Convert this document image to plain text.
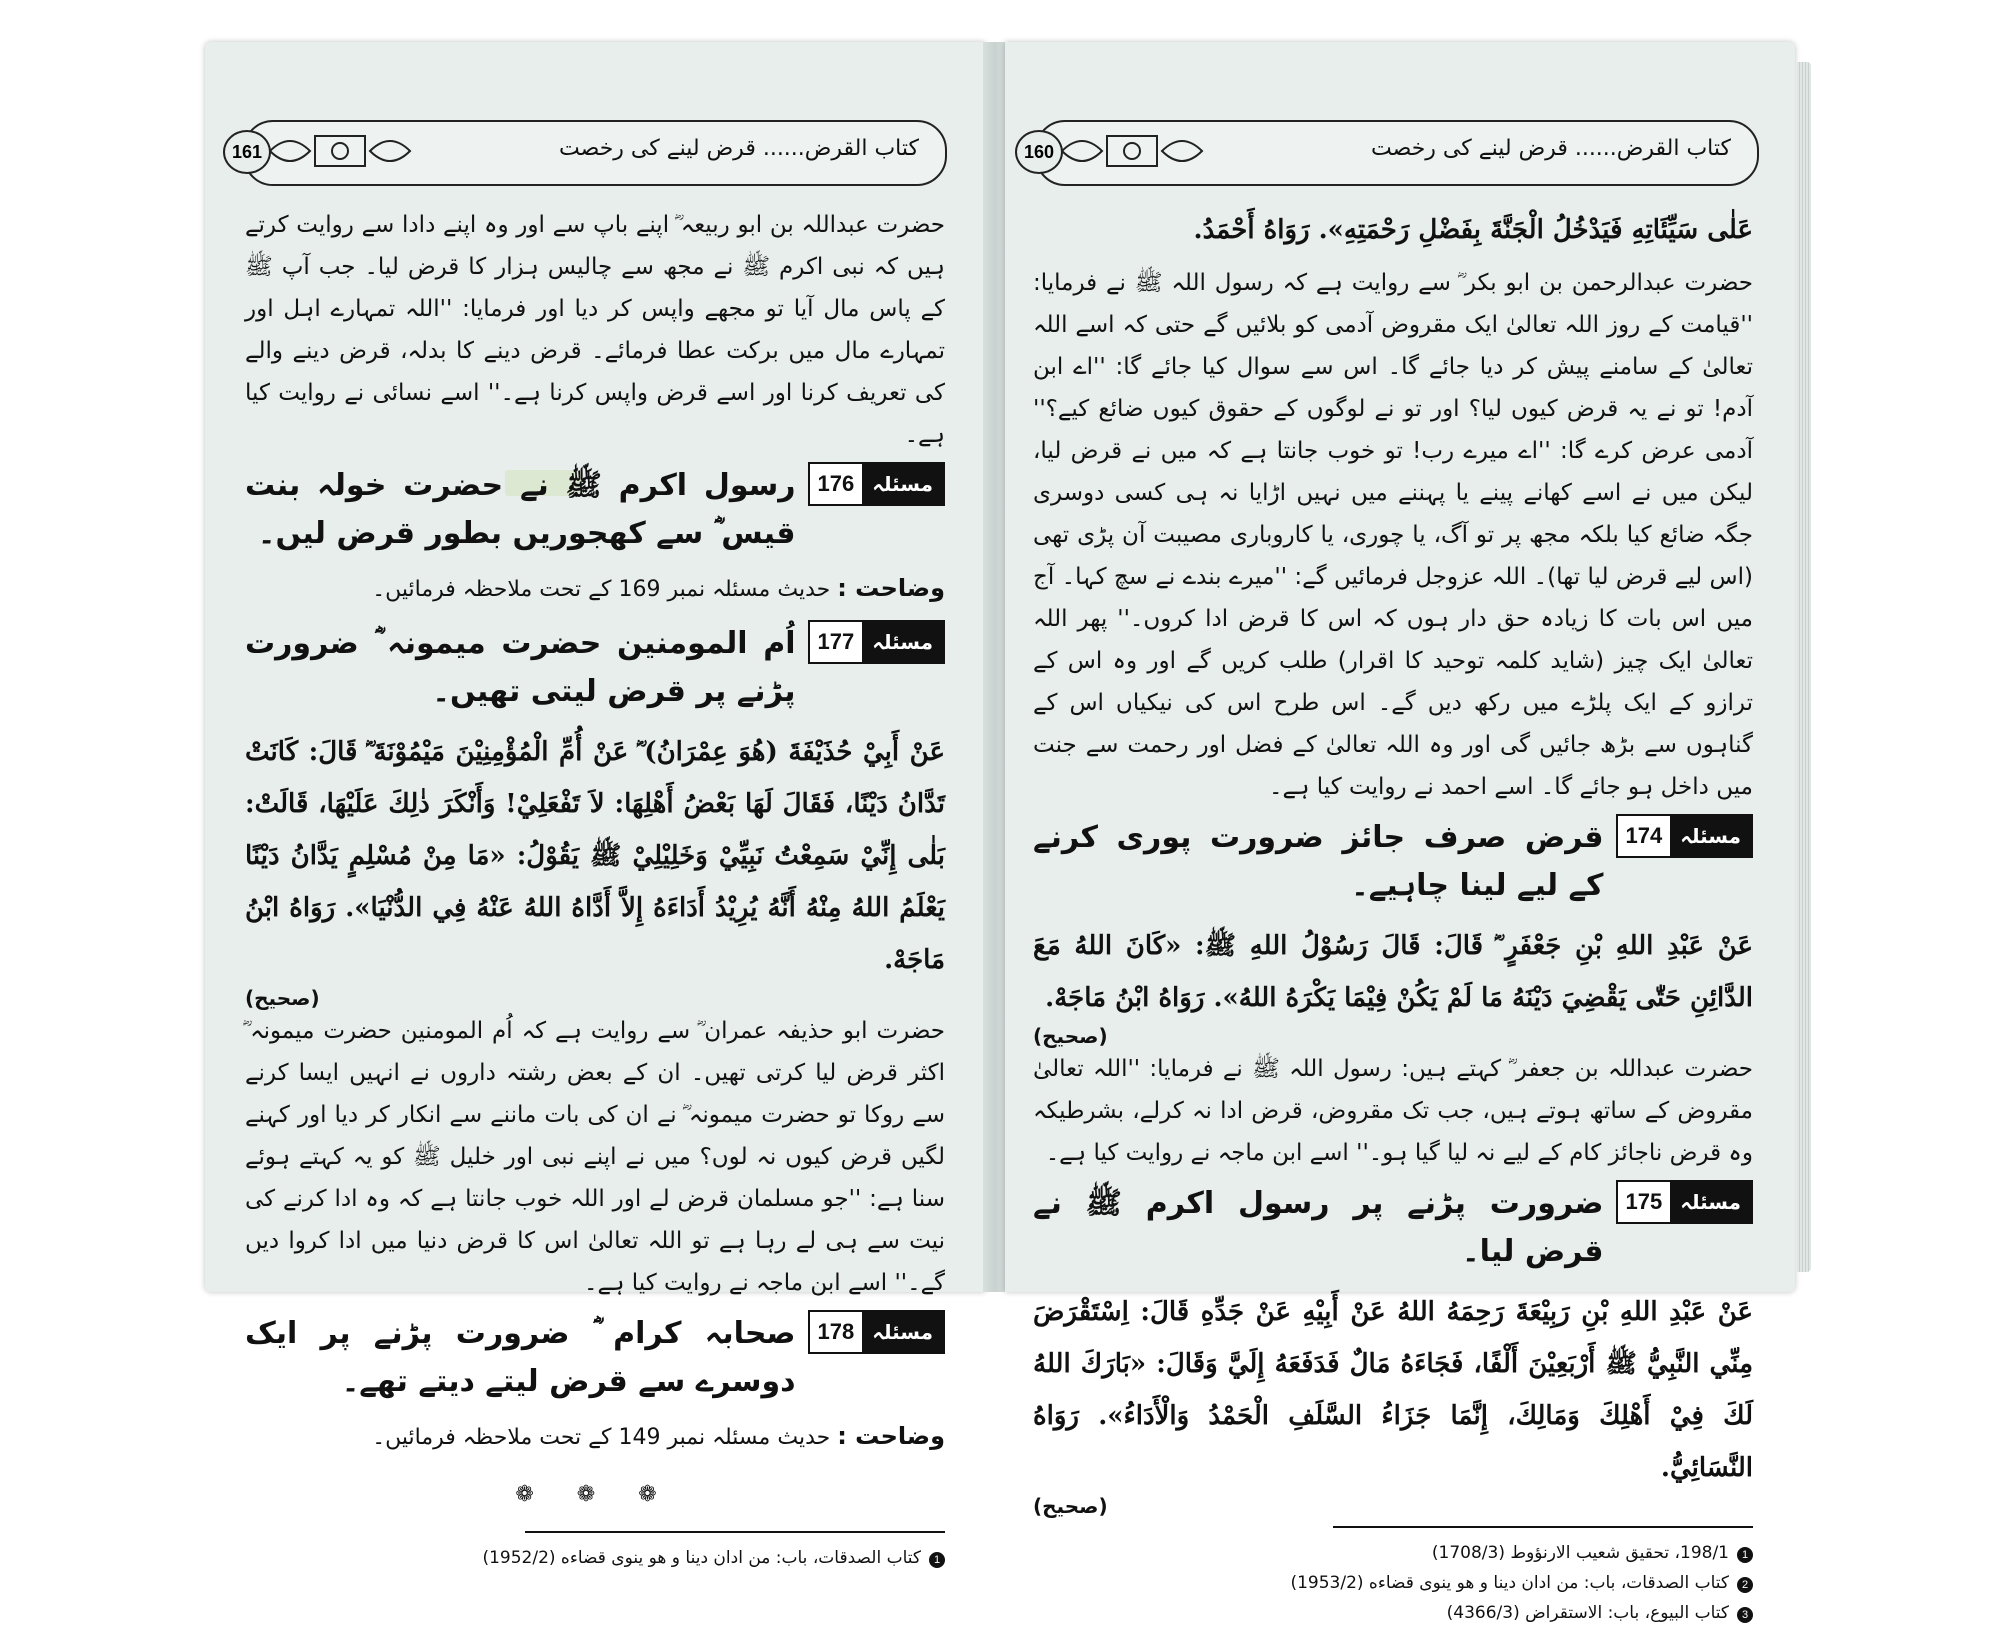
161	کتاب القرض...... قرض لینے کی رخصت

حضرت عبداللہ بن ابو ربیعہ ؓ اپنے باپ سے اور وہ اپنے دادا سے روایت کرتے ہیں کہ نبی اکرم ﷺ نے مجھ سے چالیس ہزار کا قرض لیا۔ جب آپ ﷺ کے پاس مال آیا تو مجھے واپس کر دیا اور فرمایا: ''اللہ تمہارے اہل اور تمہارے مال میں برکت عطا فرمائے۔ قرض دینے کا بدلہ، قرض دینے والے کی تعریف کرنا اور اسے قرض واپس کرنا ہے۔'' اسے نسائی نے روایت کیا ہے۔

مسئلہ
176
رسول اکرم ﷺ نے حضرت خولہ بنت قیس ؓ سے کھجوریں بطور قرض لیں۔
وضاحت : حدیث مسئلہ نمبر 169 کے تحت ملاحظہ فرمائیں۔
مسئلہ
177
اُم المومنین حضرت میمونہ ؓ ضرورت پڑنے پر قرض لیتی تھیں۔

عَنْ أَبِيْ حُذَيْفَةَ (هُوَ عِمْرَانُ) ؓ عَنْ أُمِّ الْمُؤْمِنِيْنَ مَيْمُوْنَةَ ؓ قَالَ: كَانَتْ تَدَّانُ دَيْنًا، فَقَالَ لَهَا بَعْضُ أَهْلِهَا: لاَ تَفْعَلِيْ! وَأَنْكَرَ ذٰلِكَ عَلَيْهَا، قَالَتْ: بَلٰى إِنِّيْ سَمِعْتُ نَبِيِّيْ وَخَلِيْلِيْ ﷺ يَقُوْلُ: «مَا مِنْ مُسْلِمٍ يَدَّانُ دَيْنًا يَعْلَمُ اللهُ مِنْهُ أَنَّهُ يُرِيْدُ أَدَاءَهُ إِلاَّ أَدَّاهُ اللهُ عَنْهُ فِي الدُّنْيَا». رَوَاهُ ابْنُ مَاجَهْ.

(صحیح)

حضرت ابو حذیفہ عمران ؓ سے روایت ہے کہ اُم المومنین حضرت میمونہ ؓ اکثر قرض لیا کرتی تھیں۔ ان کے بعض رشتہ داروں نے انہیں ایسا کرنے سے روکا تو حضرت میمونہ ؓ نے ان کی بات ماننے سے انکار کر دیا اور کہنے لگیں قرض کیوں نہ لوں؟ میں نے اپنے نبی اور خلیل ﷺ کو یہ کہتے ہوئے سنا ہے: ''جو مسلمان قرض لے اور اللہ خوب جانتا ہے کہ وہ ادا کرنے کی نیت سے ہی لے رہا ہے تو اللہ تعالیٰ اس کا قرض دنیا میں ادا کروا دیں گے۔'' اسے ابن ماجہ نے روایت کیا ہے۔

مسئلہ
178
صحابہ کرام ؓ ضرورت پڑنے پر ایک دوسرے سے قرض لیتے دیتے تھے۔
وضاحت : حدیث مسئلہ نمبر 149 کے تحت ملاحظہ فرمائیں۔
❁ ❁ ❁
1کتاب الصدقات، باب: من ادان دینا و هو ینوی قضاءه (1952/2)
160	کتاب القرض...... قرض لینے کی رخصت

عَلٰى سَيِّئَاتِهِ فَيَدْخُلُ الْجَنَّةَ بِفَضْلِ رَحْمَتِهِ». رَوَاهُ أَحْمَدُ.

حضرت عبدالرحمن بن ابو بکر ؓ سے روایت ہے کہ رسول اللہ ﷺ نے فرمایا: ''قیامت کے روز اللہ تعالیٰ ایک مقروض آدمی کو بلائیں گے حتی کہ اسے اللہ تعالیٰ کے سامنے پیش کر دیا جائے گا۔ اس سے سوال کیا جائے گا: ''اے ابن آدم! تو نے یہ قرض کیوں لیا؟ اور تو نے لوگوں کے حقوق کیوں ضائع کیے؟'' آدمی عرض کرے گا: ''اے میرے رب! تو خوب جانتا ہے کہ میں نے قرض لیا، لیکن میں نے اسے کھانے پینے یا پہننے میں نہیں اڑایا نہ ہی کسی دوسری جگہ ضائع کیا بلکہ مجھ پر تو آگ، یا چوری، یا کاروباری مصیبت آن پڑی تھی (اس لیے قرض لیا تھا)۔ اللہ عزوجل فرمائیں گے: ''میرے بندے نے سچ کہا۔ آج میں اس بات کا زیادہ حق دار ہوں کہ اس کا قرض ادا کروں۔'' پھر اللہ تعالیٰ ایک چیز (شاید کلمہ توحید کا اقرار) طلب کریں گے اور وہ اس کے ترازو کے ایک پلڑے میں رکھ دیں گے۔ اس طرح اس کی نیکیاں اس کے گناہوں سے بڑھ جائیں گی اور وہ اللہ تعالیٰ کے فضل اور رحمت سے جنت میں داخل ہو جائے گا۔ اسے احمد نے روایت کیا ہے۔

مسئلہ
174
قرض صرف جائز ضرورت پوری کرنے کے لیے لینا چاہیے۔

عَنْ عَبْدِ اللهِ بْنِ جَعْفَرٍ ؓ قَالَ: قَالَ رَسُوْلُ اللهِ ﷺ: «كَانَ اللهُ مَعَ الدَّائِنِ حَتّٰى يَقْضِيَ دَيْنَهُ مَا لَمْ يَكُنْ فِيْمَا يَكْرَهُ اللهُ». رَوَاهُ ابْنُ مَاجَهْ.

(صحیح)

حضرت عبداللہ بن جعفر ؓ کہتے ہیں: رسول اللہ ﷺ نے فرمایا: ''اللہ تعالیٰ مقروض کے ساتھ ہوتے ہیں، جب تک مقروض، قرض ادا نہ کرلے، بشرطیکہ وہ قرض ناجائز کام کے لیے نہ لیا گیا ہو۔'' اسے ابن ماجہ نے روایت کیا ہے۔

مسئلہ
175
ضرورت پڑنے پر رسول اکرم ﷺ نے قرض لیا۔

عَنْ عَبْدِ اللهِ بْنِ رَبِيْعَةَ رَحِمَهُ اللهُ عَنْ أَبِيْهِ عَنْ جَدِّهِ قَالَ: اِسْتَقْرَضَ مِنِّي النَّبِيُّ ﷺ أَرْبَعِيْنَ أَلْفًا، فَجَاءَهُ مَالٌ فَدَفَعَهُ إِلَيَّ وَقَالَ: «بَارَكَ اللهُ لَكَ فِيْ أَهْلِكَ وَمَالِكَ، إِنَّمَا جَزَاءُ السَّلَفِ الْحَمْدُ وَالْأَدَاءُ». رَوَاهُ النَّسَائِيُّ.

(صحیح)
1198/1، تحقیق شعیب الارنؤوط (1708/3)
2کتاب الصدقات، باب: من ادان دینا و هو ینوی قضاءه (1953/2)
3کتاب البیوع، باب: الاستقراض (4366/3)
